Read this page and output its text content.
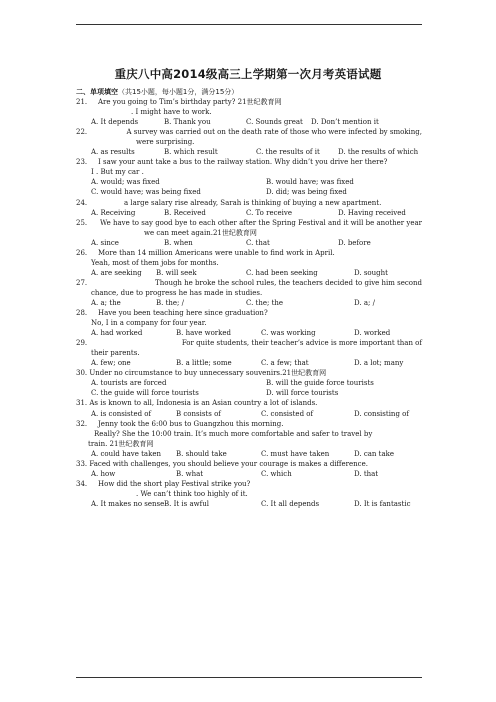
重庆八中高2014级高三上学期第一次月考英语试题
二、单项填空（共15小题，每小题1分，满分15分）
21. Are you going to Tim’s birthday party? 21世纪教育网
. I might have to work.
A. It depends	B. Thank you	C. Sounds great D. Don’t mention it
22.	A survey was carried out on the death rate of those who were infected by smoking,
were surprising.
A. as results	B. which result	C. the results of it	D. the results of which
23. I saw your aunt take a bus to the railway station. Why didn’t you drive her there?
I . But my car .
A. would; was fixed	B. would have; was fixed
C. would have; was being fixed	D. did; was being fixed
24.	a large salary rise already, Sarah is thinking of buying a new apartment.
A. Receiving	B. Received	C. To receive	D. Having received
25. We have to say good bye to each other after the Spring Festival and it will be another year
we can meet again.21世纪教育网
A. since	B. when	C. that	D. before
26. More than 14 million Americans were unable to find work in April.
Yeah, most of them jobs for months.
A. are seeking B. will seek	C. had been seeking	D. sought
27.	Though he broke the school rules, the teachers decided to give him second
chance, due to progress he has made in studies.
A. a; the	B. the; /	C. the; the	D. a; /
28. Have you been teaching here since graduation?
No, I in a company for four year.
A. had worked	B. have worked	C. was working	D. worked
29.	For quite students, their teacher’s advice is more important than of
their parents.
A. few; one	B. a little; some	C. a few; that	D. a lot; many
30. Under no circumstance to buy unnecessary souvenirs.21世纪教育网
A. tourists are forced	B. will the guide force tourists
C. the guide will force tourists	D. will force tourists
31. As is known to all, Indonesia is an Asian country a lot of islands.
A. is consisted of	B consists of	C. consisted of	D. consisting of
32. Jenny took the 6:00 bus to Guangzhou this morning.
Really? She the 10:00 train. It’s much more comfortable and safer to travel by
train. 21世纪教育网
A. could have taken B. should take	C. must have taken	D. can take
33. Faced with challenges, you should believe your courage is makes a difference.
A. how	B. what	C. which	D. that
34. How did the short play Festival strike you?
. We can’t think too highly of it.
A. It makes no sense B. It is awful	C. It all depends	D. It is fantastic
